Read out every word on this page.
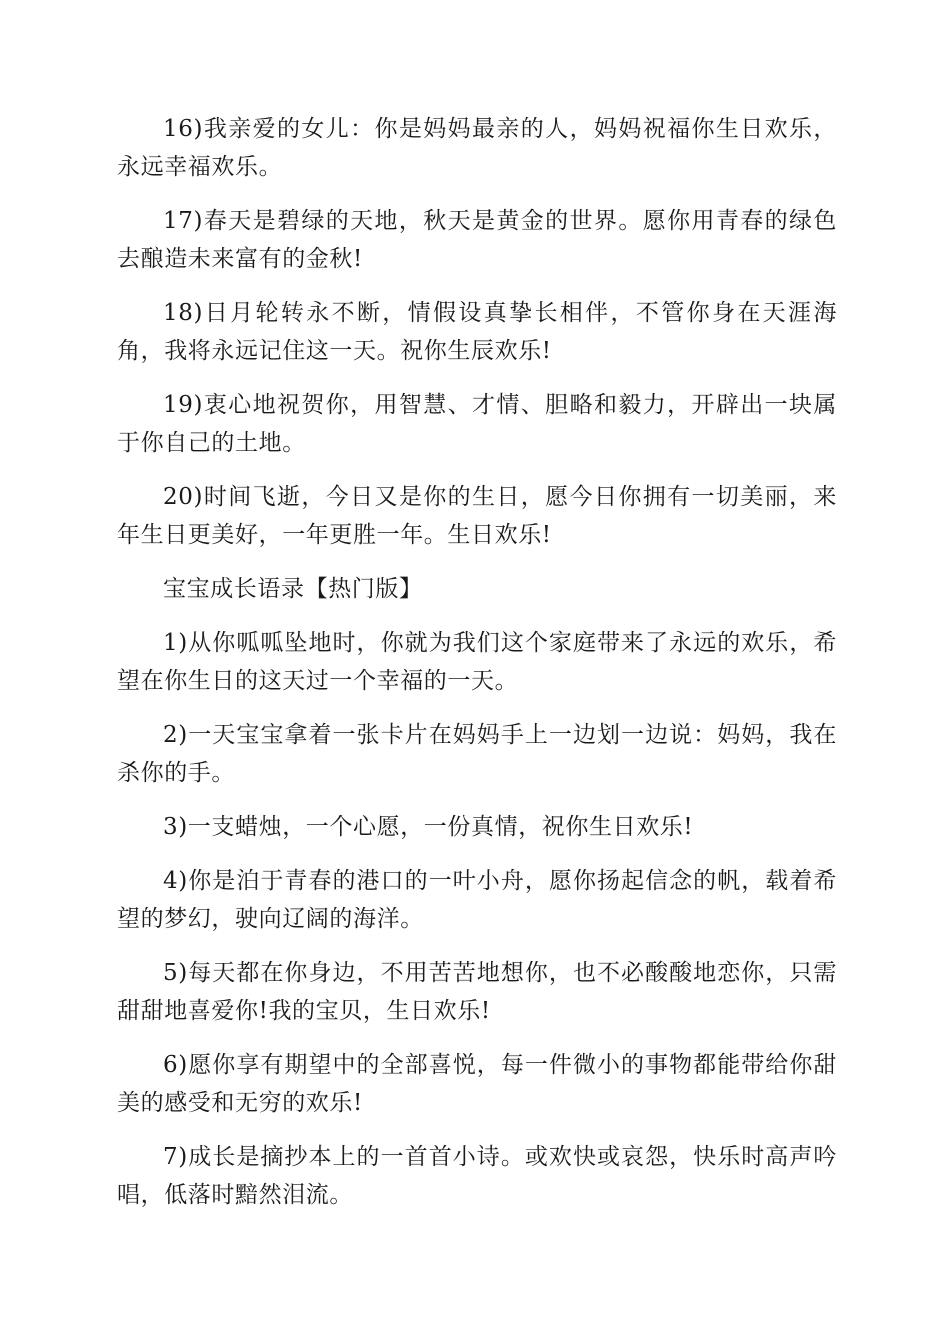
16)我亲爱的女儿：你是妈妈最亲的人，妈妈祝福你生日欢乐，永远幸福欢乐。

17)春天是碧绿的天地，秋天是黄金的世界。愿你用青春的绿色去酿造未来富有的金秋!

18)日月轮转永不断，情假设真挚长相伴，不管你身在天涯海角，我将永远记住这一天。祝你生辰欢乐!

19)衷心地祝贺你，用智慧、才情、胆略和毅力，开辟出一块属于你自己的土地。

20)时间飞逝，今日又是你的生日，愿今日你拥有一切美丽，来年生日更美好，一年更胜一年。生日欢乐!

宝宝成长语录【热门版】

1)从你呱呱坠地时，你就为我们这个家庭带来了永远的欢乐，希望在你生日的这天过一个幸福的一天。

2)一天宝宝拿着一张卡片在妈妈手上一边划一边说：妈妈，我在杀你的手。

3)一支蜡烛，一个心愿，一份真情，祝你生日欢乐!

4)你是泊于青春的港口的一叶小舟，愿你扬起信念的帆，载着希望的梦幻，驶向辽阔的海洋。

5)每天都在你身边，不用苦苦地想你，也不必酸酸地恋你，只需甜甜地喜爱你!我的宝贝，生日欢乐!

6)愿你享有期望中的全部喜悦，每一件微小的事物都能带给你甜美的感受和无穷的欢乐!

7)成长是摘抄本上的一首首小诗。或欢快或哀怨，快乐时高声吟唱，低落时黯然泪流。
